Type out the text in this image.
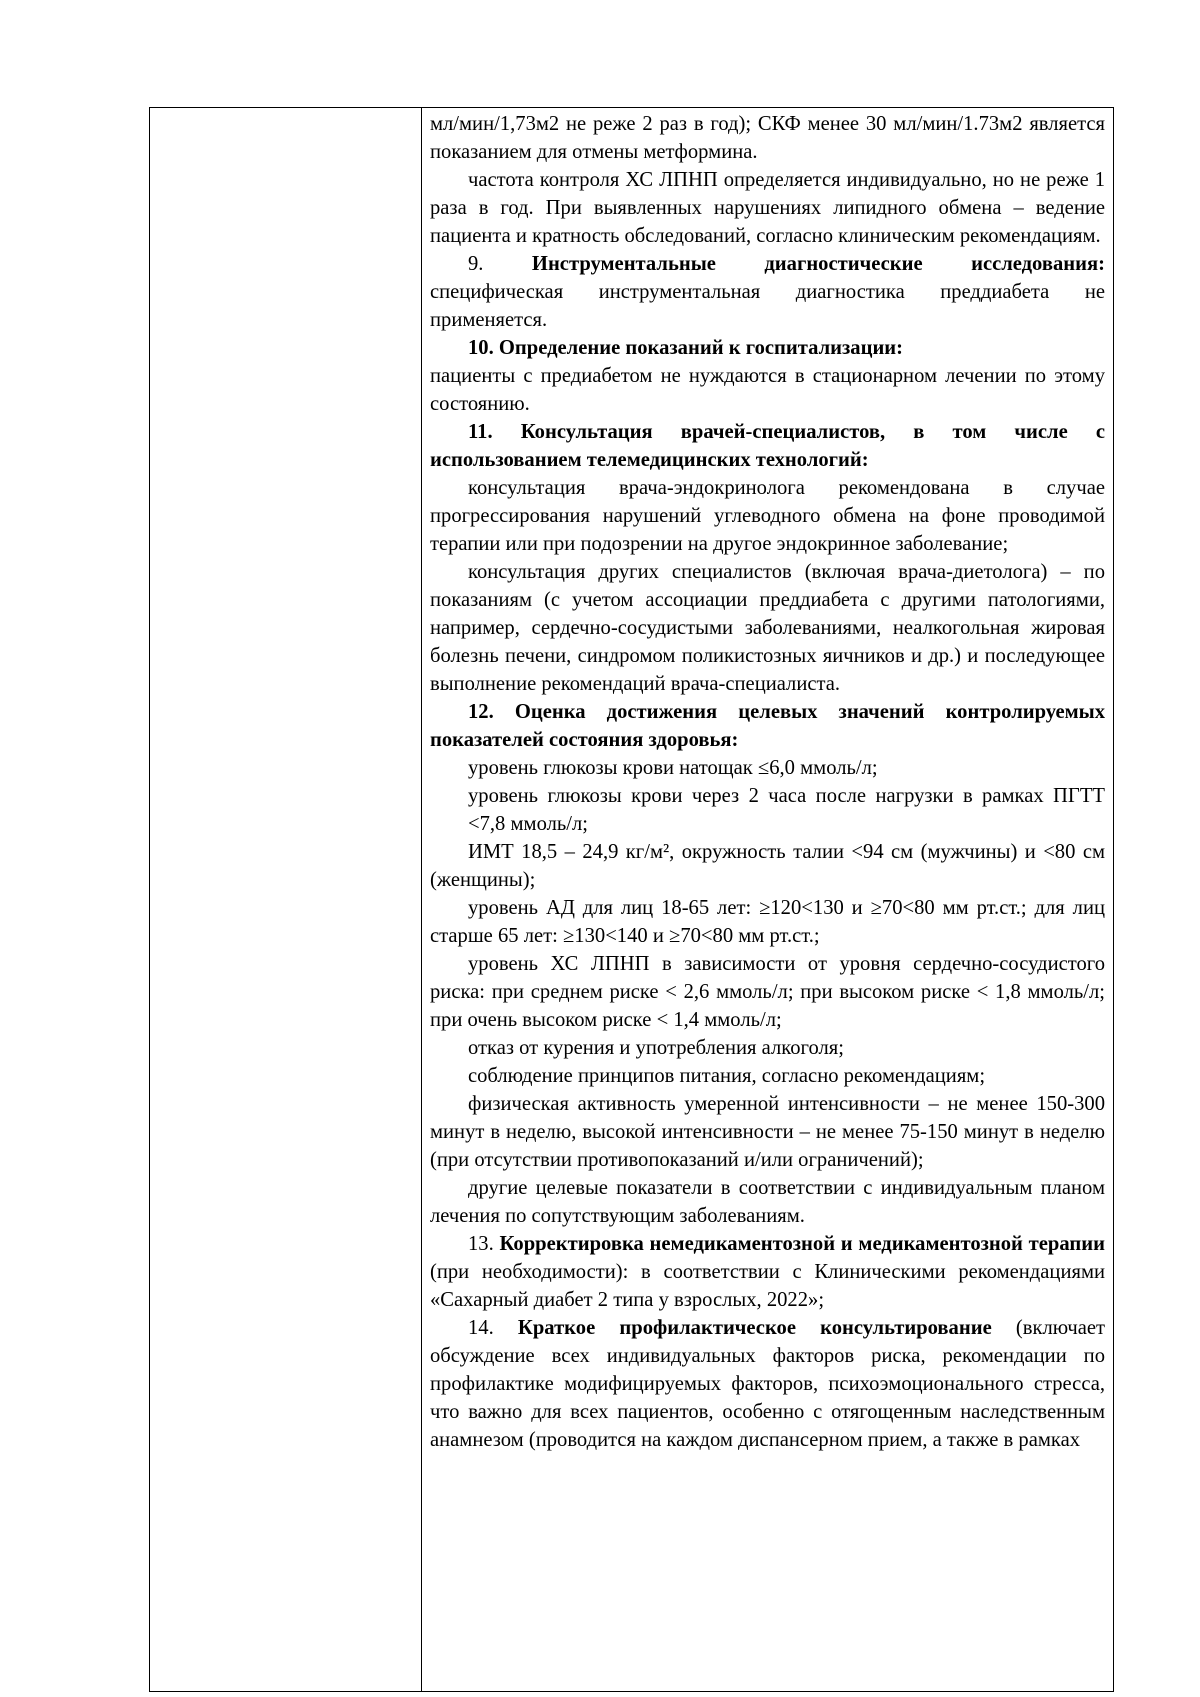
мл/мин/1,73м2 не реже 2 раз в год); СКФ менее 30 мл/мин/1.73м2 является показанием для отмены метформина.

частота контроля ХС ЛПНП определяется индивидуально, но не реже 1 раза в год. При выявленных нарушениях липидного обмена – ведение пациента и кратность обследований, согласно клиническим рекомендациям.

9. Инструментальные диагностические исследования: специфическая инструментальная диагностика преддиабета не применяется.

10. Определение показаний к госпитализации:

пациенты с предиабетом не нуждаются в стационарном лечении по этому состоянию.

11. Консультация врачей-специалистов, в том числе с использованием телемедицинских технологий:

консультация врача-эндокринолога рекомендована в случае прогрессирования нарушений углеводного обмена на фоне проводимой терапии или при подозрении на другое эндокринное заболевание;

консультация других специалистов (включая врача-диетолога) – по показаниям (с учетом ассоциации преддиабета с другими патологиями, например, сердечно-сосудистыми заболеваниями, неалкогольная жировая болезнь печени, синдромом поликистозных яичников и др.) и последующее выполнение рекомендаций врача-специалиста.

12. Оценка достижения целевых значений контролируемых показателей состояния здоровья:

уровень глюкозы крови натощак ≤6,0 ммоль/л;

уровень глюкозы крови через 2 часа после нагрузки в рамках ПГТТ <7,8 ммоль/л;

ИМТ 18,5 – 24,9 кг/м², окружность талии <94 см (мужчины) и <80 см (женщины);

уровень АД для лиц 18-65 лет: ≥120<130 и ≥70<80 мм рт.ст.; для лиц старше 65 лет: ≥130<140 и ≥70<80 мм рт.ст.;

уровень ХС ЛПНП в зависимости от уровня сердечно-сосудистого риска: при среднем риске < 2,6 ммоль/л; при высоком риске < 1,8 ммоль/л; при очень высоком риске < 1,4 ммоль/л;

отказ от курения и употребления алкоголя;

соблюдение принципов питания, согласно рекомендациям;

физическая активность умеренной интенсивности – не менее 150-300 минут в неделю, высокой интенсивности – не менее 75-150 минут в неделю (при отсутствии противопоказаний и/или ограничений);

другие целевые показатели в соответствии с индивидуальным планом лечения по сопутствующим заболеваниям.

13. Корректировка немедикаментозной и медикаментозной терапии (при необходимости): в соответствии с Клиническими рекомендациями «Сахарный диабет 2 типа у взрослых, 2022»;

14. Краткое профилактическое консультирование (включает обсуждение всех индивидуальных факторов риска, рекомендации по профилактике модифицируемых факторов, психоэмоционального стресса, что важно для всех пациентов, особенно с отягощенным наследственным анамнезом (проводится на каждом диспансерном прием, а также в рамках
